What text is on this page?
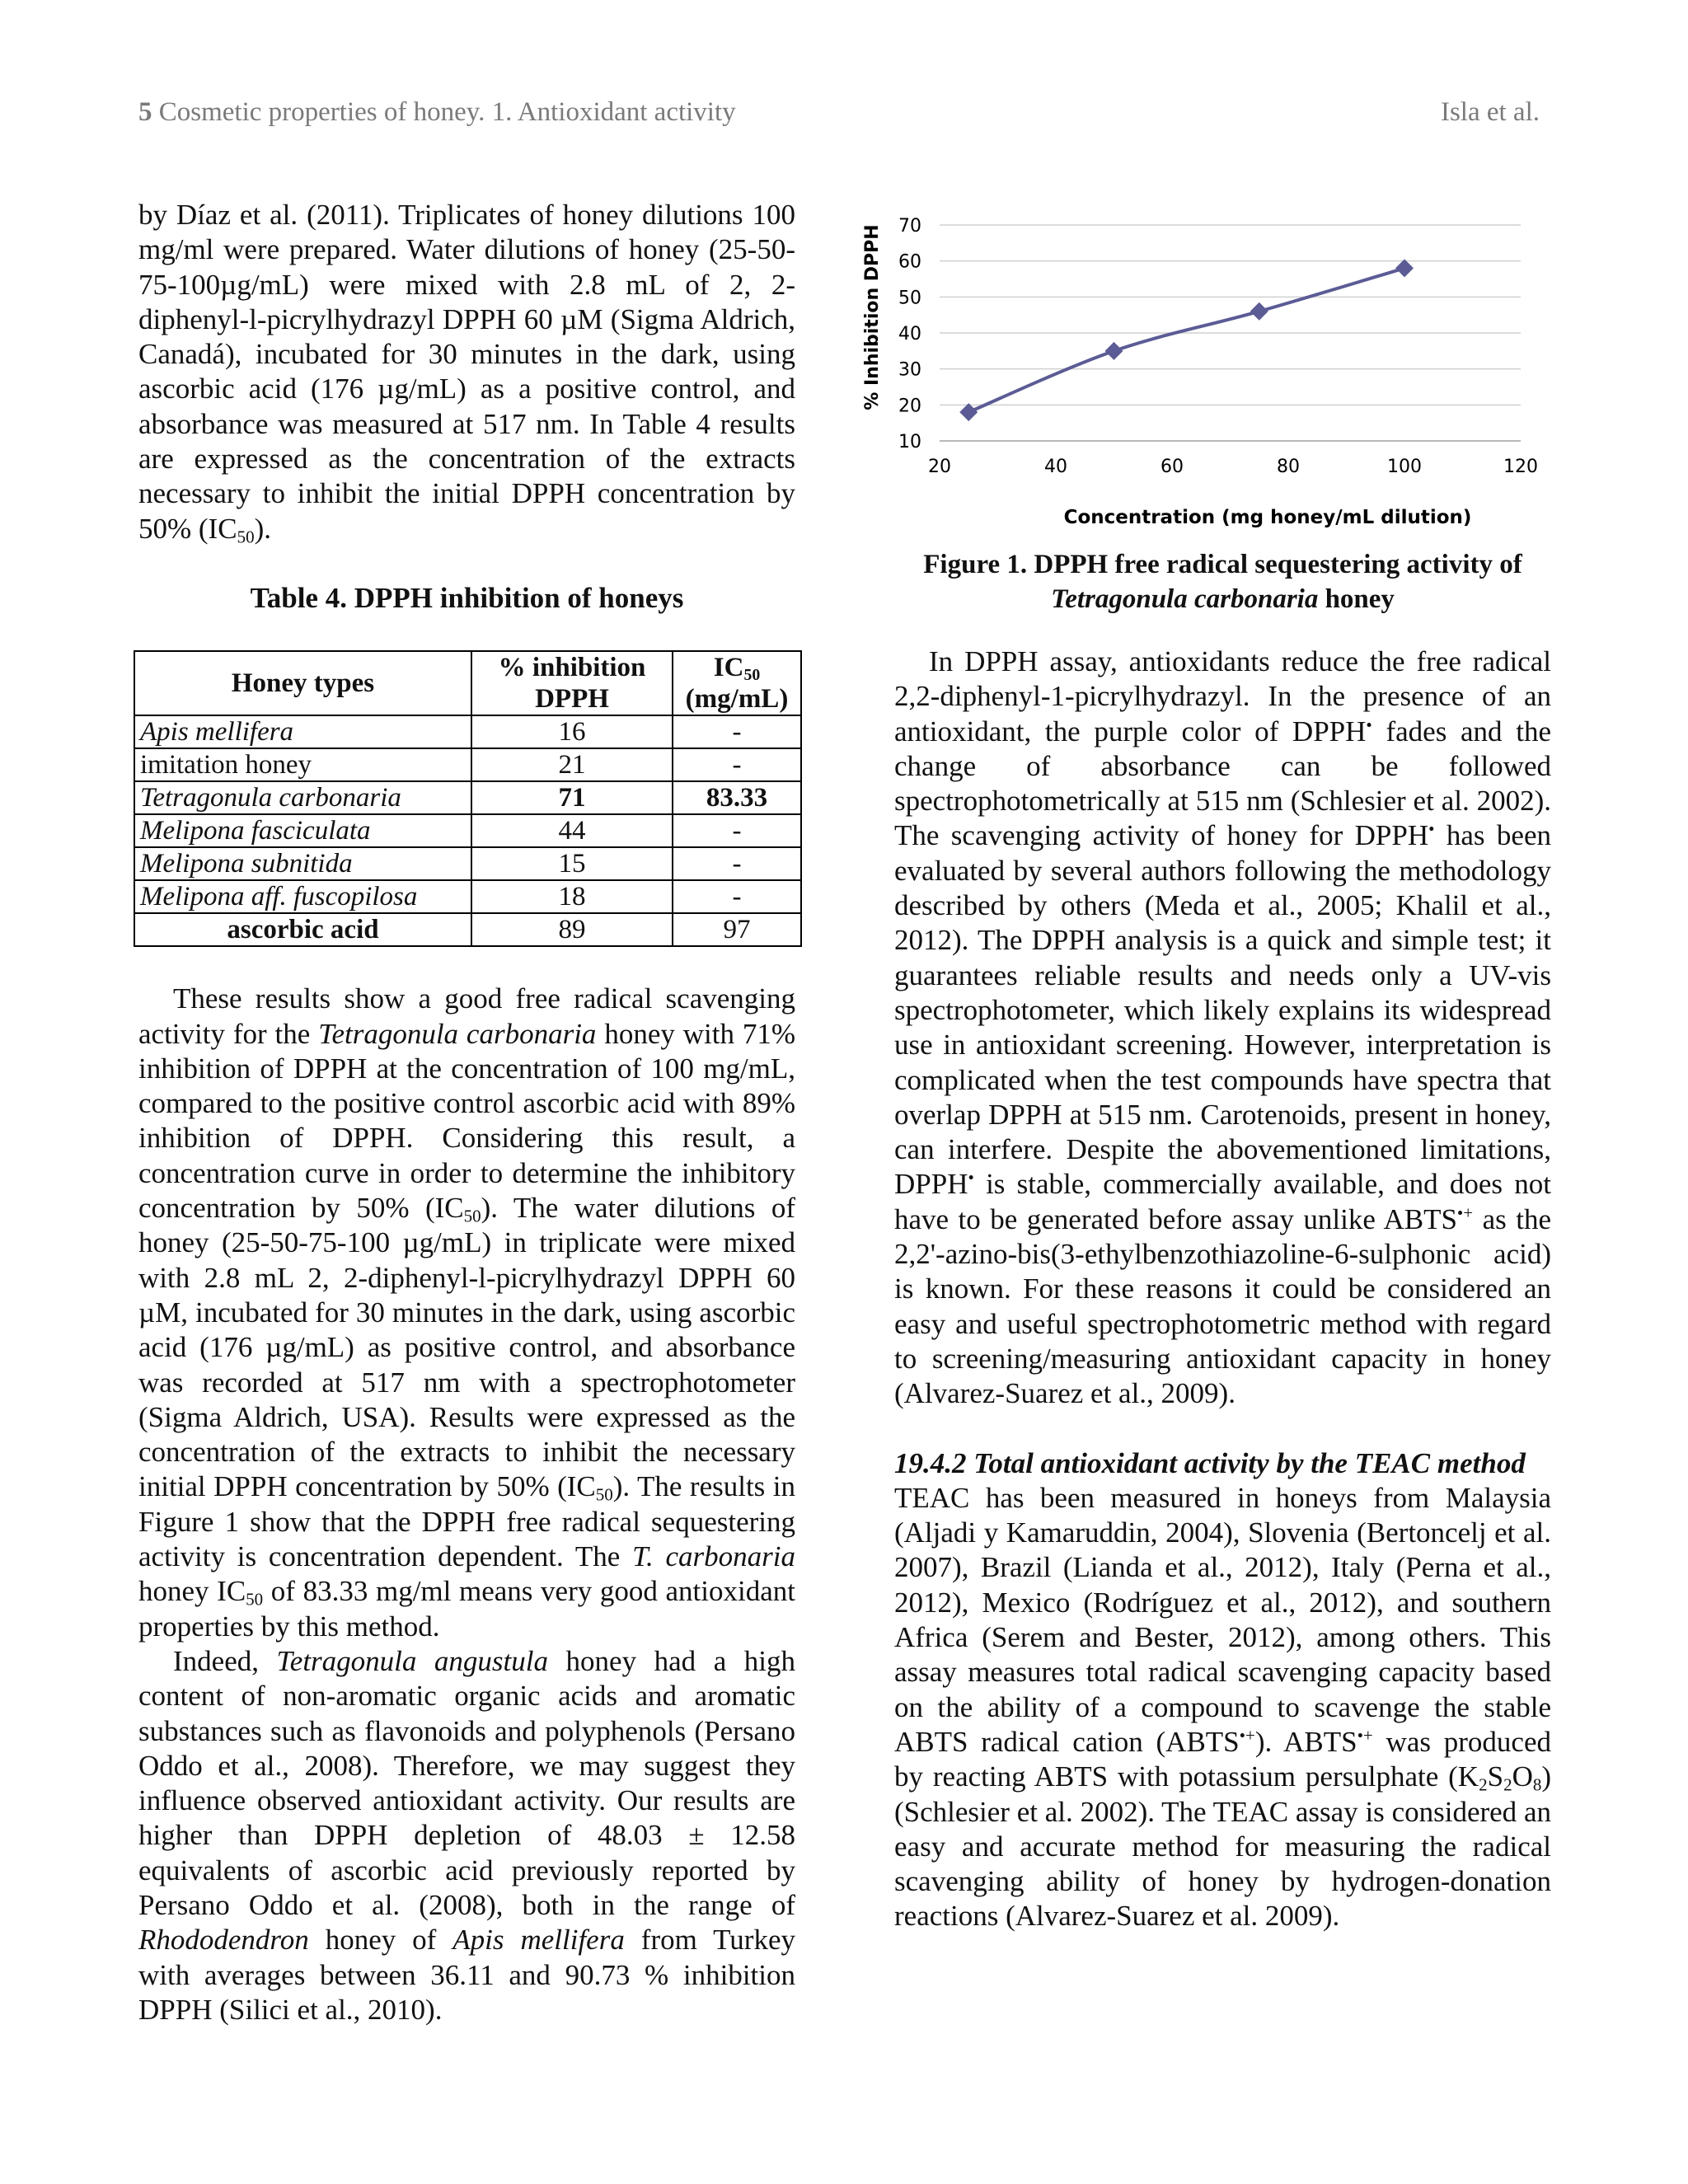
5 Cosmetic properties of honey. 1. Antioxidant activity	Isla et al.

by Díaz et al. (2011). Triplicates of honey dilutions 100 mg/ml were prepared. Water dilutions of honey (25-50-75-100µg/mL) were mixed with 2.8 mL of 2, 2-diphenyl-l-picrylhydrazyl DPPH 60 µM (Sigma Aldrich, Canadá), incubated for 30 minutes in the dark, using ascorbic acid (176 µg/mL) as a positive control, and absorbance was measured at 517 nm. In Table 4 results are expressed as the concentration of the extracts necessary to inhibit the initial DPPH concentration by 50% $(IC_{50})$.

Table 4. DPPH inhibition of honeys

Honey types	% inhibition DPPH	$IC_{50}$
(mg/mL)
Apis mellifera	16	-
imitation honey	21	-
Tetragonula carbonaria	71	83.33
Melipona fasciculata	44	-
Melipona subnitida	15	-
Melipona aff. fuscopilosa	18	-
ascorbic acid	89	97

These results show a good free radical scavenging activity for the Tetragonula carbonaria honey with 71% inhibition of DPPH at the concentration of 100 mg/mL, compared to the positive control ascorbic acid with 89% inhibition of DPPH. Considering this result, a concentration curve in order to determine the inhibitory concentration by 50% $(IC_{50})$. The water dilutions of honey (25-50-75-100 µg/mL) in triplicate were mixed with 2.8 mL 2, 2-diphenyl-l-picrylhydrazyl DPPH 60 µM, incubated for 30 minutes in the dark, using ascorbic acid (176 µg/mL) as positive control, and absorbance was recorded at 517 nm with a spectrophotometer (Sigma Aldrich, USA). Results were expressed as the concentration of the extracts to inhibit the necessary initial DPPH concentration by 50% $(IC_{50})$. The results in Figure 1 show that the DPPH free radical sequestering activity is concentration dependent. The T. carbonaria honey $IC_{50}$ of 83.33 mg/ml means very good antioxidant properties by this method.

Indeed, Tetragonula angustula honey had a high content of non-aromatic organic acids and aromatic substances such as flavonoids and polyphenols (Persano Oddo et al., 2008). Therefore, we may suggest they influence observed antioxidant activity. Our results are higher than DPPH depletion of 48.03 ± 12.58 equivalents of ascorbic acid previously reported by Persano Oddo et al. (2008), both in the range of Rhododendron honey of Apis mellifera from Turkey with averages between 36.11 and 90.73 % inhibition DPPH (Silici et al., 2010).

10
20
30
40
50
60
70
20	40	60	80	100	120
% Inhibition DPPH
Concentration (mg honey/mL dilution)
Figure 1. DPPH free radical sequestering activity of Tetragonula carbonaria honey

In DPPH assay, antioxidants reduce the free radical 2,2-diphenyl-1-picrylhydrazyl. In the presence of an antioxidant, the purple color of DPPH• fades and the change of absorbance can be followed spectrophotometrically at 515 nm (Schlesier et al. 2002). The scavenging activity of honey for DPPH• has been evaluated by several authors following the methodology described by others (Meda et al., 2005; Khalil et al., 2012). The DPPH analysis is a quick and simple test; it guarantees reliable results and needs only a UV-vis spectrophotometer, which likely explains its widespread use in antioxidant screening. However, interpretation is complicated when the test compounds have spectra that overlap DPPH at 515 nm. Carotenoids, present in honey, can interfere. Despite the abovementioned limitations, DPPH• is stable, commercially available, and does not have to be generated before assay unlike ABTS•+ as the 2,2'-azino-bis(3-ethylbenzothiazoline-6-sulphonic acid) is known. For these reasons it could be considered an easy and useful spectrophotometric method with regard to screening/measuring antioxidant capacity in honey (Alvarez-Suarez et al., 2009).

19.4.2 Total antioxidant activity by the TEAC method

TEAC has been measured in honeys from Malaysia (Aljadi y Kamaruddin, 2004), Slovenia (Bertoncelj et al. 2007), Brazil (Lianda et al., 2012), Italy (Perna et al., 2012), Mexico (Rodríguez et al., 2012), and southern Africa (Serem and Bester, 2012), among others. This assay measures total radical scavenging capacity based on the ability of a compound to scavenge the stable ABTS radical cation (ABTS•+). ABTS•+ was produced by reacting ABTS with potassium persulphate $(K_2S_2O_8)$ (Schlesier et al. 2002). The TEAC assay is considered an easy and accurate method for measuring the radical scavenging ability of honey by hydrogen-donation reactions (Alvarez-Suarez et al. 2009).
